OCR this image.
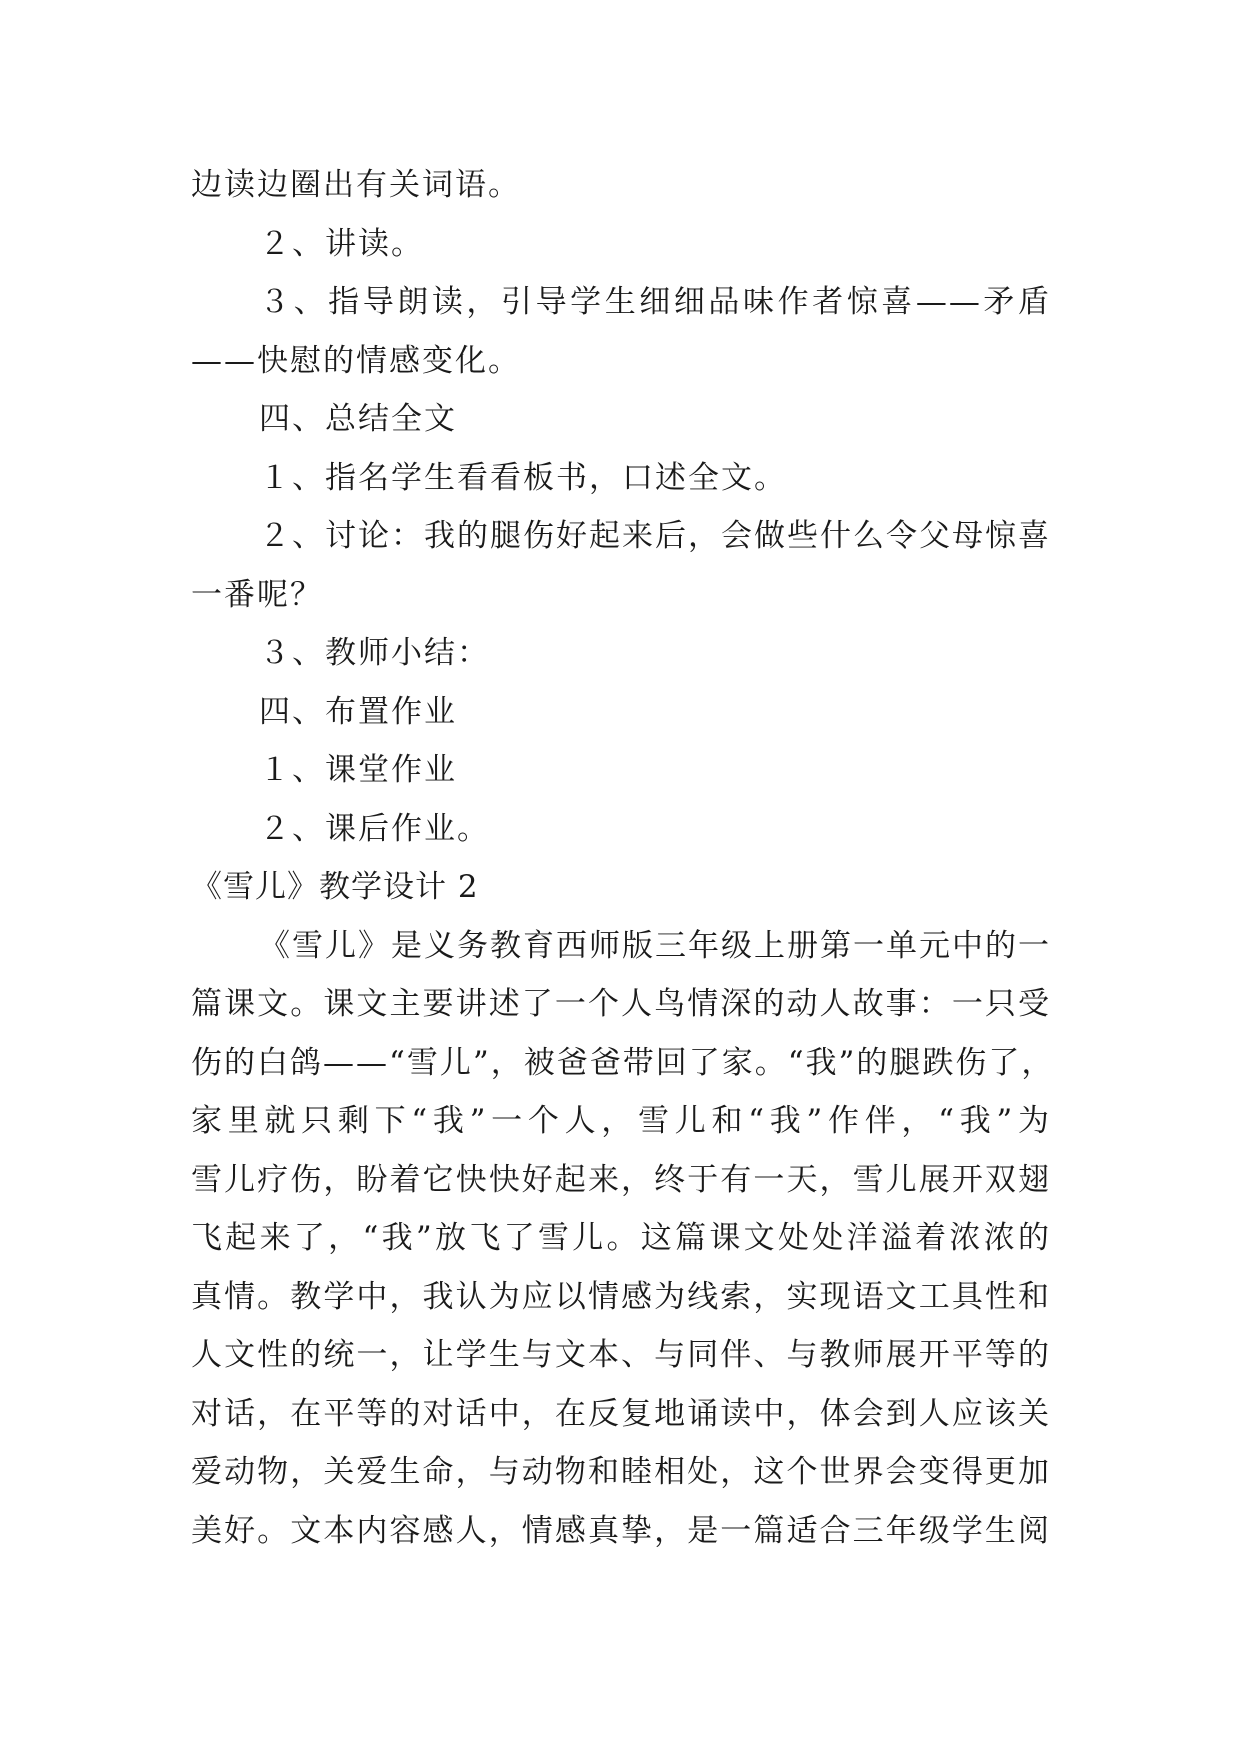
边读边圈出有关词语。
２、讲读。
３、指导朗读，引导学生细细品味作者惊喜——矛盾
——快慰的情感变化。
四、总结全文
１、指名学生看看板书，口述全文。
２、讨论：我的腿伤好起来后，会做些什么令父母惊喜
一番呢？
３、教师小结：
四、布置作业
１、课堂作业
２、课后作业。
《雪儿》教学设计 2
《雪儿》是义务教育西师版三年级上册第一单元中的一
篇课文。课文主要讲述了一个人鸟情深的动人故事：一只受
伤的白鸽——“雪儿”，被爸爸带回了家。“我”的腿跌伤了，
家里就只剩下“我”一个人，雪儿和“我”作伴，“我”为
雪儿疗伤，盼着它快快好起来，终于有一天，雪儿展开双翅
飞起来了，“我”放飞了雪儿。这篇课文处处洋溢着浓浓的
真情。教学中，我认为应以情感为线索，实现语文工具性和
人文性的统一，让学生与文本、与同伴、与教师展开平等的
对话，在平等的对话中，在反复地诵读中，体会到人应该关
爱动物，关爱生命，与动物和睦相处，这个世界会变得更加
美好。文本内容感人，情感真挚，是一篇适合三年级学生阅
